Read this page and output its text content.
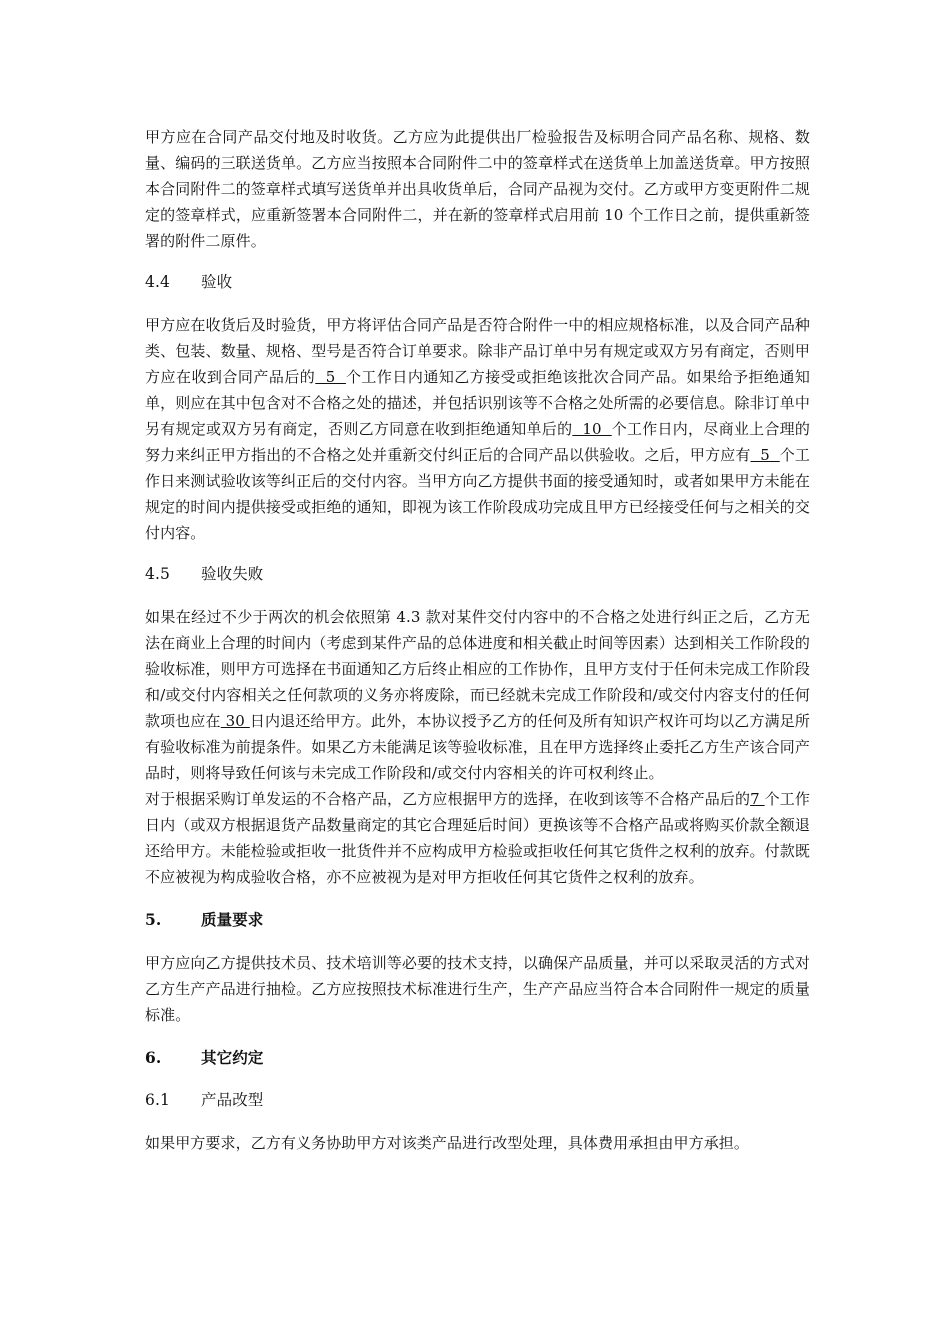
甲方应在合同产品交付地及时收货。乙方应为此提供出厂检验报告及标明合同产品名称、规格、数量、编码的三联送货单。乙方应当按照本合同附件二中的签章样式在送货单上加盖送货章。甲方按照本合同附件二的签章样式填写送货单并出具收货单后，合同产品视为交付。乙方或甲方变更附件二规定的签章样式，应重新签署本合同附件二，并在新的签章样式启用前 10 个工作日之前，提供重新签署的附件二原件。

4.4	验收

甲方应在收货后及时验货，甲方将评估合同产品是否符合附件一中的相应规格标准，以及合同产品种类、包装、数量、规格、型号是否符合订单要求。除非产品订单中另有规定或双方另有商定，否则甲方应在收到合同产品后的  5  个工作日内通知乙方接受或拒绝该批次合同产品。如果给予拒绝通知单，则应在其中包含对不合格之处的描述，并包括识别该等不合格之处所需的必要信息。除非订单中另有规定或双方另有商定，否则乙方同意在收到拒绝通知单后的  10  个工作日内，尽商业上合理的努力来纠正甲方指出的不合格之处并重新交付纠正后的合同产品以供验收。之后，甲方应有  5  个工作日来测试验收该等纠正后的交付内容。当甲方向乙方提供书面的接受通知时，或者如果甲方未能在规定的时间内提供接受或拒绝的通知，即视为该工作阶段成功完成且甲方已经接受任何与之相关的交付内容。

4.5	验收失败

如果在经过不少于两次的机会依照第 4.3 款对某件交付内容中的不合格之处进行纠正之后，乙方无法在商业上合理的时间内（考虑到某件产品的总体进度和相关截止时间等因素）达到相关工作阶段的验收标准，则甲方可选择在书面通知乙方后终止相应的工作协作，且甲方支付于任何未完成工作阶段和/或交付内容相关之任何款项的义务亦将废除，而已经就未完成工作阶段和/或交付内容支付的任何款项也应在 30 日内退还给甲方。此外，本协议授予乙方的任何及所有知识产权许可均以乙方满足所有验收标准为前提条件。如果乙方未能满足该等验收标准，且在甲方选择终止委托乙方生产该合同产品时，则将导致任何该与未完成工作阶段和/或交付内容相关的许可权利终止。

对于根据采购订单发运的不合格产品，乙方应根据甲方的选择，在收到该等不合格产品后的7 个工作日内（或双方根据退货产品数量商定的其它合理延后时间）更换该等不合格产品或将购买价款全额退还给甲方。未能检验或拒收一批货件并不应构成甲方检验或拒收任何其它货件之权利的放弃。付款既不应被视为构成验收合格，亦不应被视为是对甲方拒收任何其它货件之权利的放弃。

5.	质量要求

甲方应向乙方提供技术员、技术培训等必要的技术支持，以确保产品质量，并可以采取灵活的方式对乙方生产产品进行抽检。乙方应按照技术标准进行生产，生产产品应当符合本合同附件一规定的质量标准。

6.	其它约定
6.1	产品改型

如果甲方要求，乙方有义务协助甲方对该类产品进行改型处理，具体费用承担由甲方承担。
